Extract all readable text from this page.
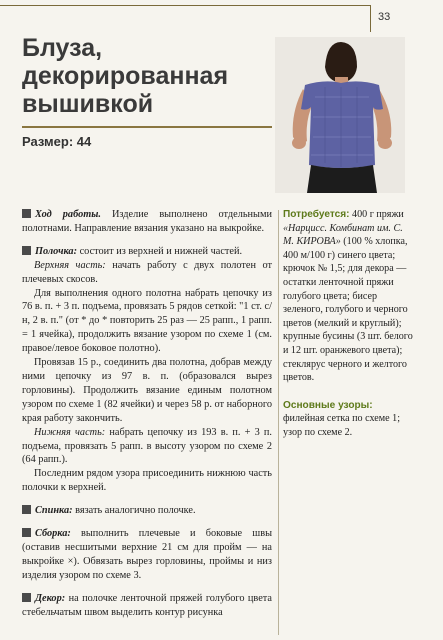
33
Блуза,
декорированная
вышивкой
Размер: 44

Ход работы. Изделие выполнено отдельными полотнами. Направление вязания указано на выкройке.

Полочка: состоит из верхней и нижней частей.

Верхняя часть: начать работу с двух полотен от плечевых скосов.

Для выполнения одного полотна набрать цепочку из 76 в. п. + 3 п. подъема, провязать 5 рядов сеткой: "1 ст. с/н, 2 в. п." (от * до * повторить 25 раз — 25 рапп., 1 рапп. = 1 ячейка), продолжить вязание узором по схеме 1 (см. правое/левое боковое полотно).

Провязав 15 р., соединить два полотна, добрав между ними цепочку из 97 в. п. (образовался вырез горловины). Продолжить вязание единым полотном узором по схеме 1 (82 ячейки) и через 58 р. от наборного края работу закончить.

Нижняя часть: набрать цепочку из 193 в. п. + 3 п. подъема, провязать 5 рапп. в высоту узором по схеме 2 (64 рапп.).

Последним рядом узора присоединить нижнюю часть полочки к верхней.

Спинка: вязать аналогично полочке.

Сборка: выполнить плечевые и боковые швы (оставив несшитыми верхние 21 см для пройм — на выкройке ×). Обвязать вырез горловины, проймы и низ изделия узором по схеме 3.

Декор: на полочке ленточной пряжей голубого цвета стебельчатым швом выделить контур рисунка

Потребуется: 400 г пряжи «Нарцисс. Комбинат им. С. М. КИРОВА» (100 % хлопка, 400 м/100 г) синего цвета; крючок № 1,5; для декора — остатки ленточной пряжи голубого цвета; бисер зеленого, голубого и черного цветов (мелкий и круглый); крупные бусины (3 шт. белого и 12 шт. оранжевого цвета); стеклярус черного и желтого цветов.

Основные узоры: филейная сетка по схеме 1; узор по схеме 2.
